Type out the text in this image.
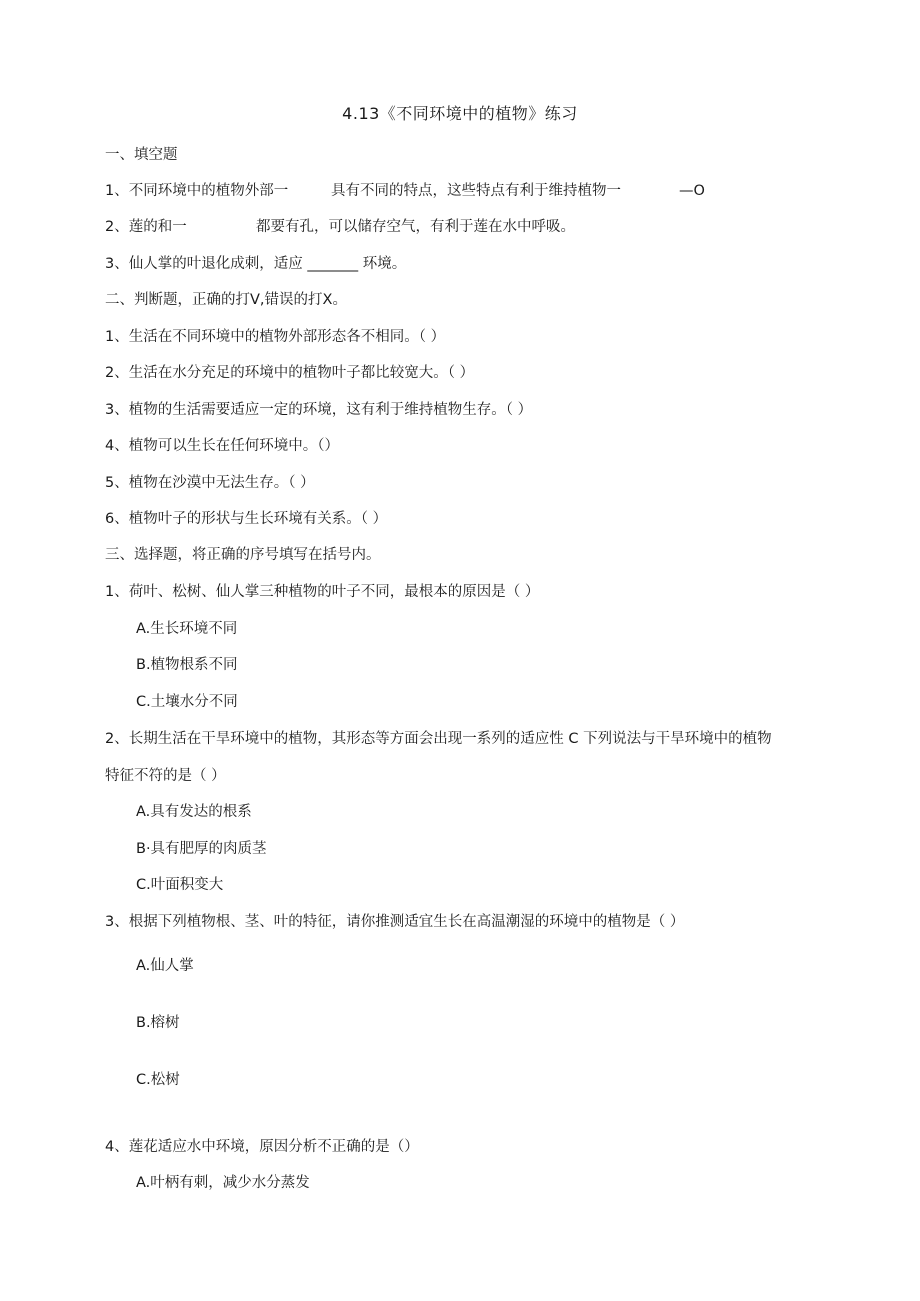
4.13《不同环境中的植物》练习
一、填空题
1、不同环境中的植物外部一	具有不同的特点，这些特点有利于维持植物一	—O
2、莲的和一	都要有孔，可以储存空气，有利于莲在水中呼吸。
3、仙人掌的叶退化成刺，适应 _______ 环境。
二、判断题，正确的打V,错误的打X。
1、生活在不同环境中的植物外部形态各不相同。（ ）
2、生活在水分充足的环境中的植物叶子都比较宽大。（ ）
3、植物的生活需要适应一定的环境，这有利于维持植物生存。（ ）
4、植物可以生长在任何环境中。（）
5、植物在沙漠中无法生存。（ ）
6、植物叶子的形状与生长环境有关系。（ ）
三、选择题，将正确的序号填写在括号内。
1、荷叶、松树、仙人掌三种植物的叶子不同，最根本的原因是（ ）
A.生长环境不同
B.植物根系不同
C.土壤水分不同
2、长期生活在干旱环境中的植物，其形态等方面会出现一系列的适应性 C 下列说法与干旱环境中的植物
特征不符的是（ ）
A.具有发达的根系
B·具有肥厚的肉质茎
C.叶面积变大
3、根据下列植物根、茎、叶的特征，请你推测适宜生长在高温潮湿的环境中的植物是（ ）
A.仙人掌
B.榕树
C.松树
4、莲花适应水中环境，原因分析不正确的是（）
A.叶柄有刺，减少水分蒸发
